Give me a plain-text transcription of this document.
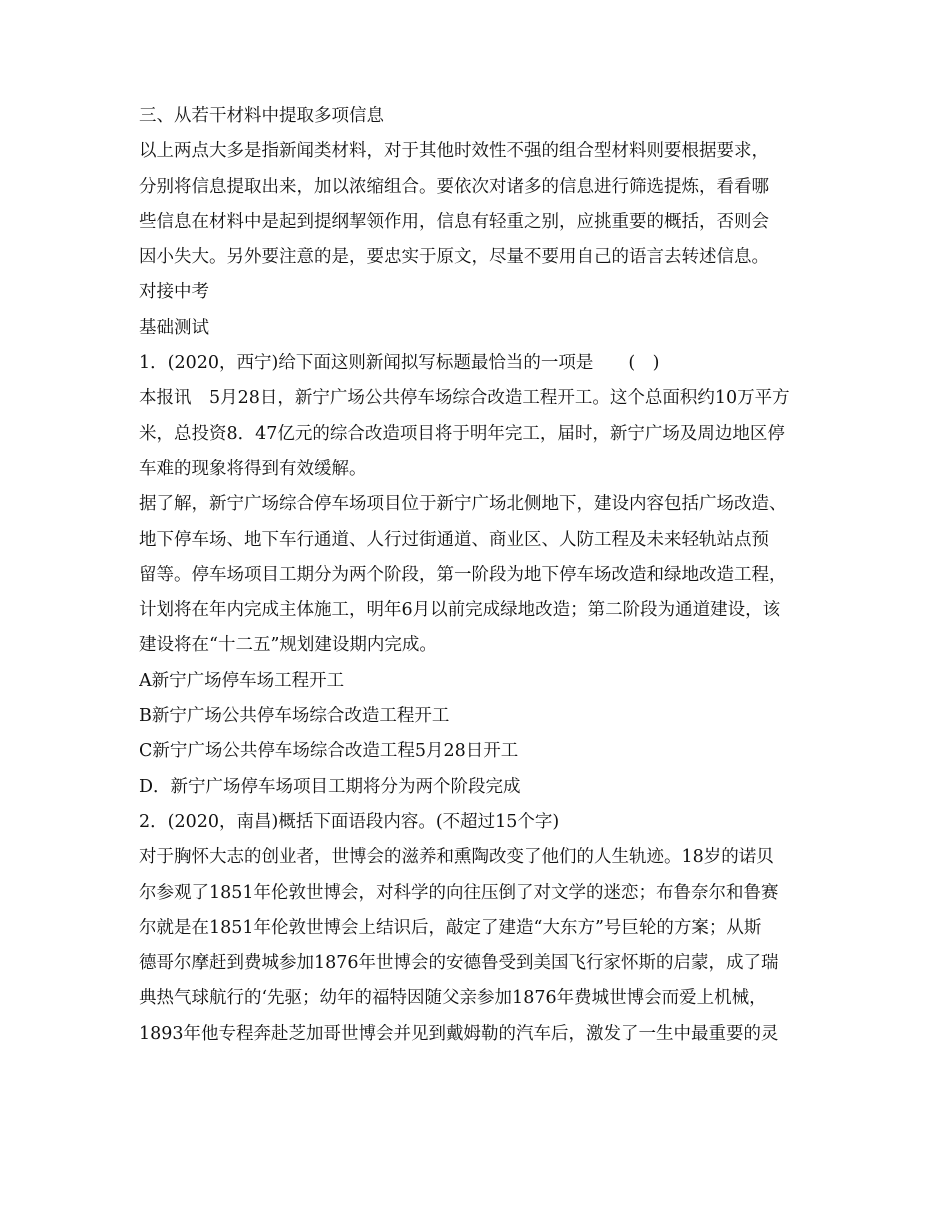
三、从若干材料中提取多项信息

以上两点大多是指新闻类材料，对于其他时效性不强的组合型材料则要根据要求，

分别将信息提取出来，加以浓缩组合。要依次对诸多的信息进行筛选提炼，看看哪

些信息在材料中是起到提纲挈领作用，信息有轻重之别，应挑重要的概括，否则会

因小失大。另外要注意的是，要忠实于原文，尽量不要用自己的语言去转述信息。

对接中考

基础测试

1．(2020，西宁)给下面这则新闻拟写标题最恰当的一项是　　(　)

本报讯　5月28日，新宁广场公共停车场综合改造工程开工。这个总面积约10万平方

米，总投资8．47亿元的综合改造项目将于明年完工，届时，新宁广场及周边地区停

车难的现象将得到有效缓解。

据了解，新宁广场综合停车场项目位于新宁广场北侧地下，建设内容包括广场改造、

地下停车场、地下车行通道、人行过街通道、商业区、人防工程及未来轻轨站点预

留等。停车场项目工期分为两个阶段，第一阶段为地下停车场改造和绿地改造工程，

计划将在年内完成主体施工，明年6月以前完成绿地改造；第二阶段为通道建设，该

建设将在“十二五”规划建设期内完成。

A新宁广场停车场工程开工

B新宁广场公共停车场综合改造工程开工

C新宁广场公共停车场综合改造工程5月28日开工

D．新宁广场停车场项目工期将分为两个阶段完成

2．(2020，南昌)概括下面语段内容。(不超过15个字)

对于胸怀大志的创业者，世博会的滋养和熏陶改变了他们的人生轨迹。18岁的诺贝

尔参观了1851年伦敦世博会，对科学的向往压倒了对文学的迷恋；布鲁奈尔和鲁赛

尔就是在1851年伦敦世博会上结识后，敲定了建造“大东方”号巨轮的方案；从斯

德哥尔摩赶到费城参加1876年世博会的安德鲁受到美国飞行家怀斯的启蒙，成了瑞

典热气球航行的‘先驱；幼年的福特因随父亲参加1876年费城世博会而爱上机械，

1893年他专程奔赴芝加哥世博会并见到戴姆勒的汽车后，激发了一生中最重要的灵
